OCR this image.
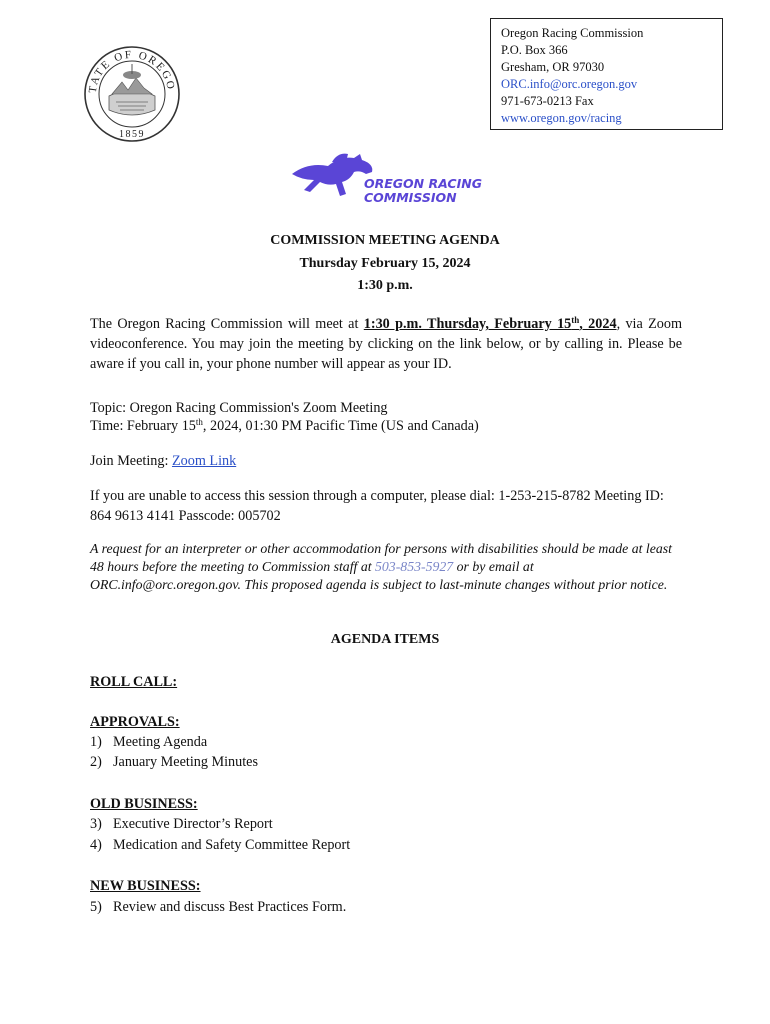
TATE OF OREGO
1859
Oregon Racing Commission
P.O. Box 366
Gresham, OR 97030
ORC.info@orc.oregon.gov
971-673-0213 Fax
www.oregon.gov/racing
OREGON RACING
COMMISSION
COMMISSION MEETING AGENDA
Thursday February 15, 2024
1:30 p.m.
The Oregon Racing Commission will meet at 1:30 p.m. Thursday, February 15th, 2024, via Zoom videoconference. You may join the meeting by clicking on the link below, or by calling in. Please be aware if you call in, your phone number will appear as your ID.
Topic: Oregon Racing Commission's Zoom Meeting
Time: February 15th, 2024, 01:30 PM Pacific Time (US and Canada)
Join Meeting: Zoom Link
If you are unable to access this session through a computer, please dial: 1-253-215-8782 Meeting ID: 864 9613 4141 Passcode: 005702
A request for an interpreter or other accommodation for persons with disabilities should be made at least 48 hours before the meeting to Commission staff at 503-853-5927 or by email at ORC.info@orc.oregon.gov. This proposed agenda is subject to last-minute changes without prior notice.
AGENDA ITEMS
ROLL CALL:
APPROVALS:
1) Meeting Agenda
2) January Meeting Minutes
OLD BUSINESS:
3) Executive Director’s Report
4) Medication and Safety Committee Report
NEW BUSINESS:
5) Review and discuss Best Practices Form.
